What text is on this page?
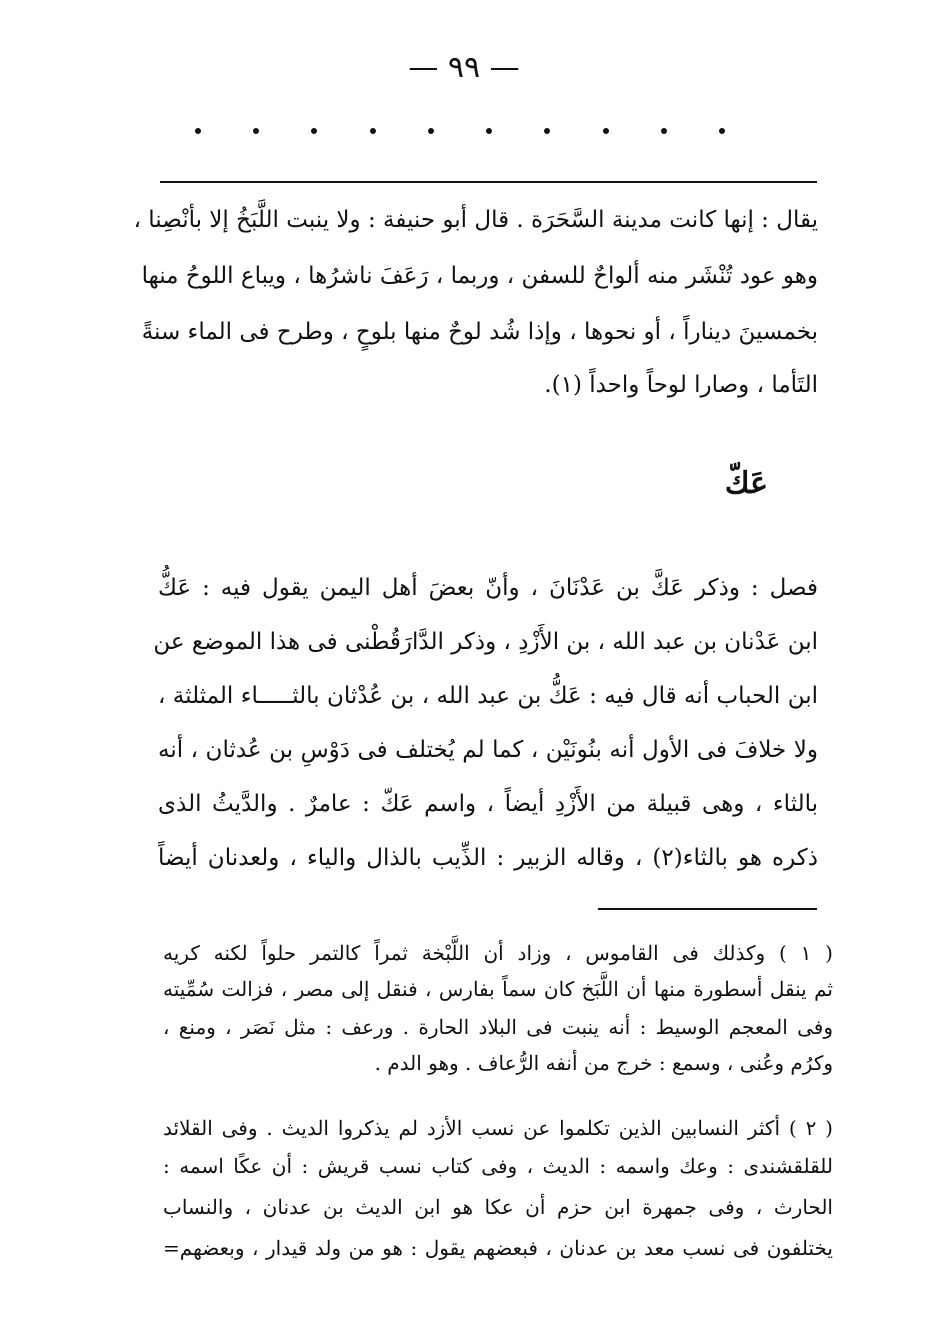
— ٩٩ —
يقال : إنها كانت مدينة السَّحَرَة . قال أبو حنيفة : ولا ينبت اللَّبَخُ إلا بأنْصِنا ،
وهو عود تُنْشَر منه ألواحٌ للسفن ، وربما ، رَعَفَ ناشرُها ، ويباع اللوحُ منها
بخمسينَ ديناراً ، أو نحوها ، وإذا شُد لوحٌ منها بلوحٍ ، وطرح فى الماء سنةً
التَأما ، وصارا لوحاً واحداً (١).
عَكّ
فصل : وذكر عَكَّ بن عَدْنَانَ ، وأنّ بعضَ أهل اليمن يقول فيه : عَكُّ
ابن عَدْنان بن عبد الله ، بن الأَزْدِ ، وذكر الدَّارَقُطْنى فى هذا الموضع عن
ابن الحباب أنه قال فيه : عَكُّ بن عبد الله ، بن عُدْثان بالثـــــاء المثلثة ،
ولا خلافَ فى الأول أنه بنُونَيْن ، كما لم يُختلف فى دَوْسِ بن عُدثان ، أنه
بالثاء ، وهى قبيلة من الأَزْدِ أيضاً ، واسم عَكّ : عامرٌ . والدَّيثُ الذى
ذكره هو بالثاء(٢) ، وقاله الزبير : الذِّيب بالذال والياء ، ولعدنان أيضاً
( ١ ) وكذلك فى القاموس ، وزاد أن اللَّبْخة ثمراً كالتمر حلواً لكنه كريه
ثم ينقل أسطورة منها أن اللَّبَخ كان سماً بفارس ، فنقل إلى مصر ، فزالت سُمِّيته
وفى المعجم الوسيط : أنه ينبت فى البلاد الحارة . ورعف : مثل نَصَر ، ومنع ،
وكرُم وعُنى ، وسمع : خرج من أنفه الرُّعاف . وهو الدم .
( ٢ ) أكثر النسابين الذين تكلموا عن نسب الأزد لم يذكروا الديث . وفى القلائد
للقلقشندى : وعك واسمه : الديث ، وفى كتاب نسب قريش : أن عكًا اسمه :
الحارث ، وفى جمهرة ابن حزم أن عكا هو ابن الديث بن عدنان ، والنساب
يختلفون فى نسب معد بن عدنان ، فبعضهم يقول : هو من ولد قيدار ، وبعضهم=
